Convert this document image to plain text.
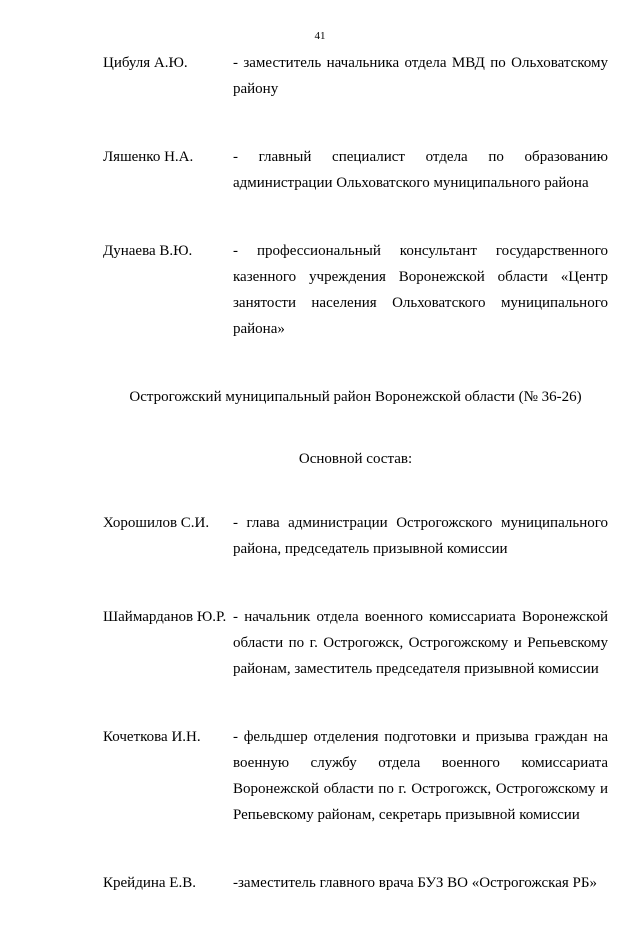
41
Цибуля А.Ю.	- заместитель начальника отдела МВД по Ольховатскому району
Ляшенко Н.А.	- главный специалист отдела по образованию администрации Ольховатского муниципального района
Дунаева В.Ю.	- профессиональный консультант государственного казенного учреждения Воронежской области «Центр занятости населения Ольховатского муниципального района»
Острогожский муниципальный район Воронежской области (№ 36-26)
Основной состав:
Хорошилов С.И.	- глава администрации Острогожского муниципального района, председатель призывной комиссии
Шаймарданов Ю.Р. - начальник отдела военного комиссариата Воронежской области по г. Острогожск, Острогожскому и Репьевскому районам, заместитель председателя призывной комиссии
Кочеткова И.Н.	- фельдшер отделения подготовки и призыва граждан на военную службу отдела военного комиссариата Воронежской области по г. Острогожск, Острогожскому и Репьевскому районам, секретарь призывной комиссии
Крейдина Е.В.	-заместитель главного врача БУЗ ВО «Острогожская РБ»
